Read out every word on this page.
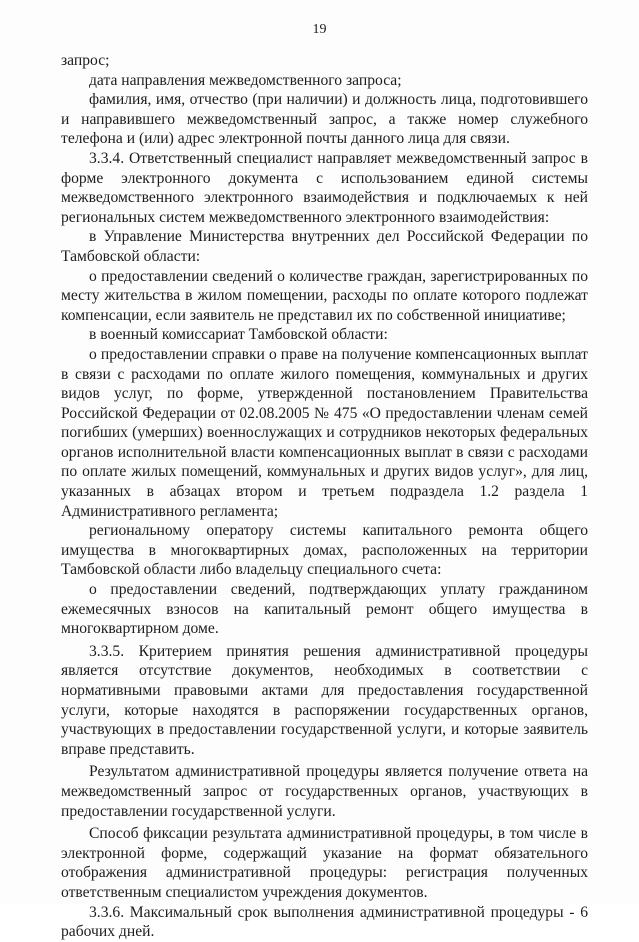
19

запрос;

дата направления межведомственного запроса;

фамилия, имя, отчество (при наличии) и должность лица, подготовившего и направившего межведомственный запрос, а также номер служебного телефона и (или) адрес электронной почты данного лица для связи.

3.3.4. Ответственный специалист направляет межведомственный запрос в форме электронного документа с использованием единой системы межведомственного электронного взаимодействия и подключаемых к ней региональных систем межведомственного электронного взаимодействия:

в Управление Министерства внутренних дел Российской Федерации по Тамбовской области:

о предоставлении сведений о количестве граждан, зарегистрированных по месту жительства в жилом помещении, расходы по оплате которого подлежат компенсации, если заявитель не представил их по собственной инициативе;

в военный комиссариат Тамбовской области:

о предоставлении справки о праве на получение компенсационных выплат в связи с расходами по оплате жилого помещения, коммунальных и других видов услуг, по форме, утвержденной постановлением Правительства Российской Федерации от 02.08.2005 № 475 «О предоставлении членам семей погибших (умерших) военнослужащих и сотрудников некоторых федеральных органов исполнительной власти компенсационных выплат в связи с расходами по оплате жилых помещений, коммунальных и других видов услуг», для лиц, указанных в абзацах втором и третьем подраздела 1.2 раздела 1 Административного регламента;

региональному оператору системы капитального ремонта общего имущества в многоквартирных домах, расположенных на территории Тамбовской области либо владельцу специального счета:

о предоставлении сведений, подтверждающих уплату гражданином ежемесячных взносов на капитальный ремонт общего имущества в многоквартирном доме.

3.3.5. Критерием принятия решения административной процедуры является отсутствие документов, необходимых в соответствии с нормативными правовыми актами для предоставления государственной услуги, которые находятся в распоряжении государственных органов, участвующих в предоставлении государственной услуги, и которые заявитель вправе представить.

Результатом административной процедуры является получение ответа на межведомственный запрос от государственных органов, участвующих в предоставлении государственной услуги.

Способ фиксации результата административной процедуры, в том числе в электронной форме, содержащий указание на формат обязательного отображения административной процедуры: регистрация полученных ответственным специалистом учреждения документов.

3.3.6. Максимальный срок выполнения административной процедуры - 6 рабочих дней.
